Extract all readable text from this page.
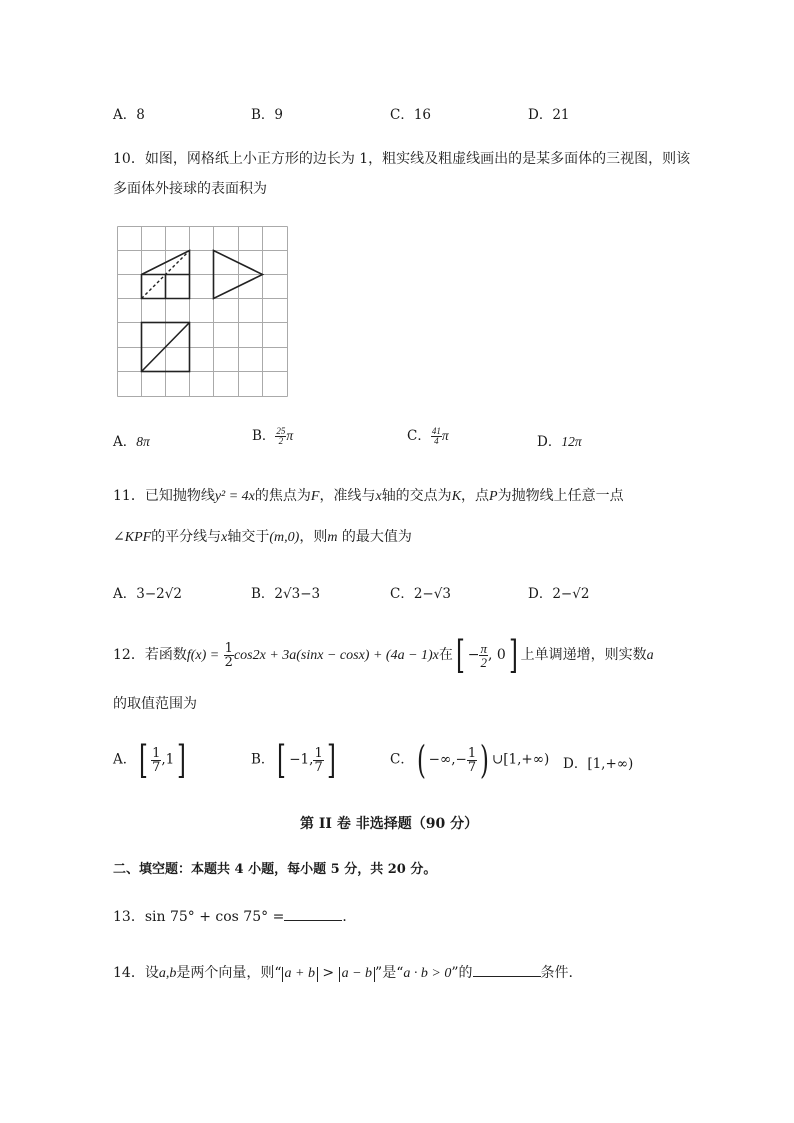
A．8	B．9	C．16	D．21
10．如图，网格纸上小正方形的边长为 1，粗实线及粗虚线画出的是某多面体的三视图，则该
多面体外接球的表面积为
A．8π	B． $\frac{25}{2}$ π	C． $\frac{41}{4}$ π	D．12π
11．已知抛物线y² = 4x的焦点为F，准线与x轴的交点为K，点P为抛物线上任意一点
∠KPF的平分线与x轴交于(m,0)，则m 的最大值为
A．3−2√2	B．2√3−3	C．2−√3	D．2−√2
12．若函数$f(x) = \frac{1}{2} \cos 2x + 3a(\sin x - \cos x) + (4a - 1)x$在[ − $\frac{\pi}{2}$ , 0] 上单调递增，则实数a
的取值范围为
A．[ $\frac{1}{7} ,1$]	B．[ −1, $\frac{1}{7}$ ]	C．( −∞,− $\frac{1}{7}$ ) ∪[1,+∞) D．[1,+∞)
第 II 卷 非选择题（90 分）
二、填空题：本题共 4 小题，每小题 5 分，共 20 分。
13．sin 75° + cos 75° =	．
14．设a,b是两个向量，则“ a + b > a − b ”是“a · b > 0”的	条件.
